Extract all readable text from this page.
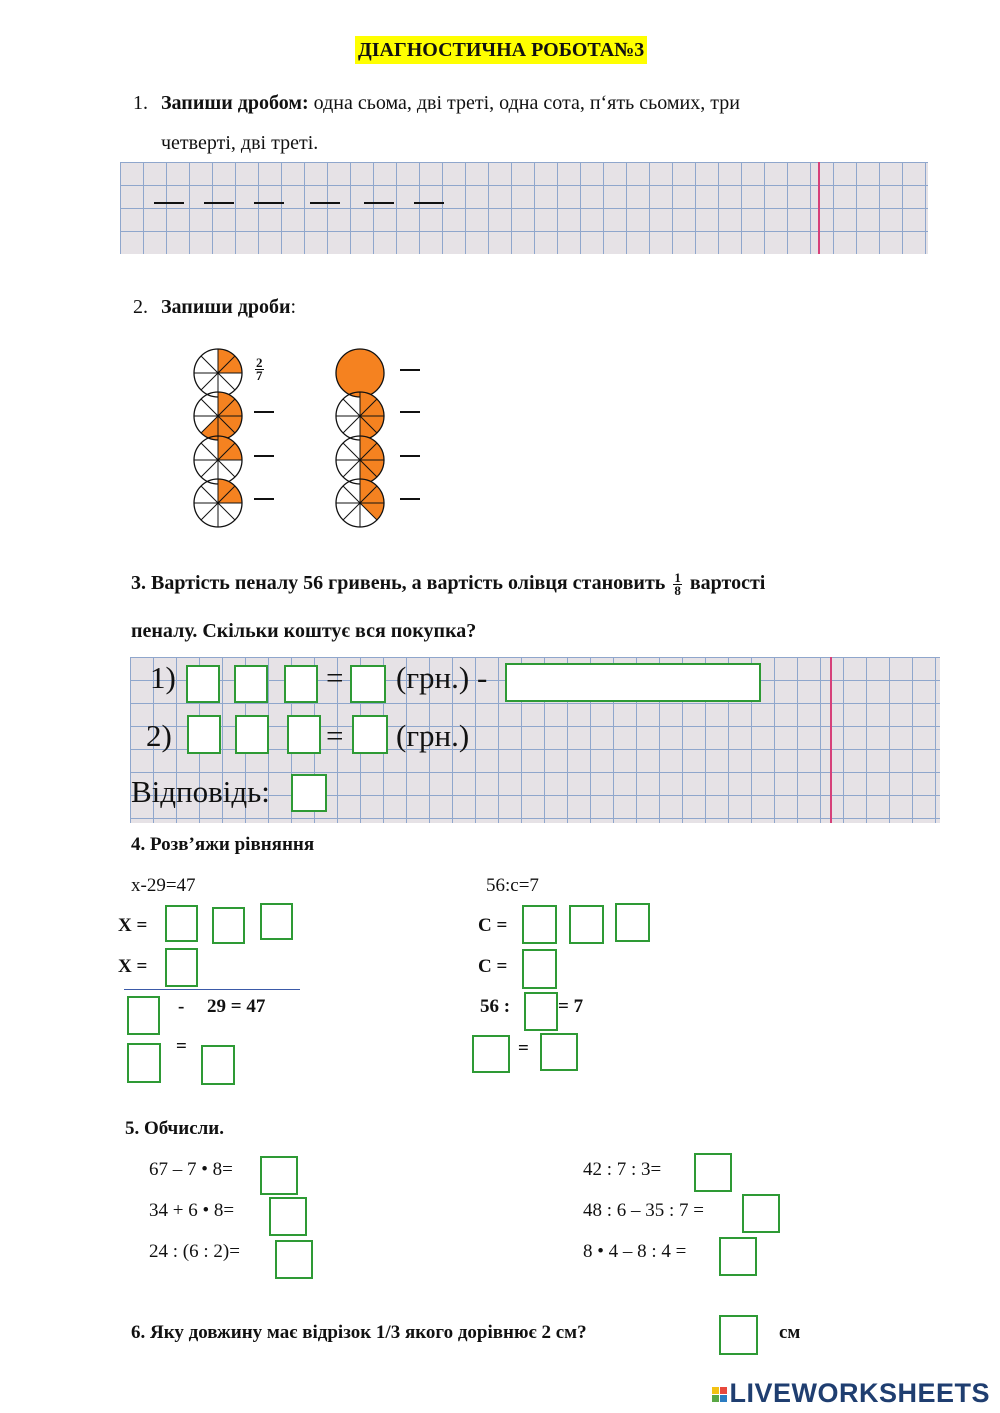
ДІАГНОСТИЧНА РОБОТА№3
1. Запиши дробом: одна сьома, дві треті, одна сота, п‘ять сьомих, три
четверті, дві треті.
2. Запиши дроби:
$\frac{2}{7}$
3. Вартість пеналу 56 гривень, а вартість олівця становить $\frac{1}{8}$ вартості
пеналу. Скільки коштує вся покупка?
1)	= (грн.) -
2)	= (грн.)
Відповідь:
4. Розв’яжи рівняння
x-29=47
X =
X =
- 29 = 47
=
56:c=7
C =
C =
56 :	= 7
=
5. Обчисли.
67 – 7 • 8=
34 + 6 • 8=
24 : (6 : 2)=
42 : 7 : 3=
48 : 6 – 35 : 7 =
8 • 4 – 8 : 4 =
6. Яку довжину має відрізок 1/3 якого дорівнює 2 см?	см
LIVEWORKSHEETS
